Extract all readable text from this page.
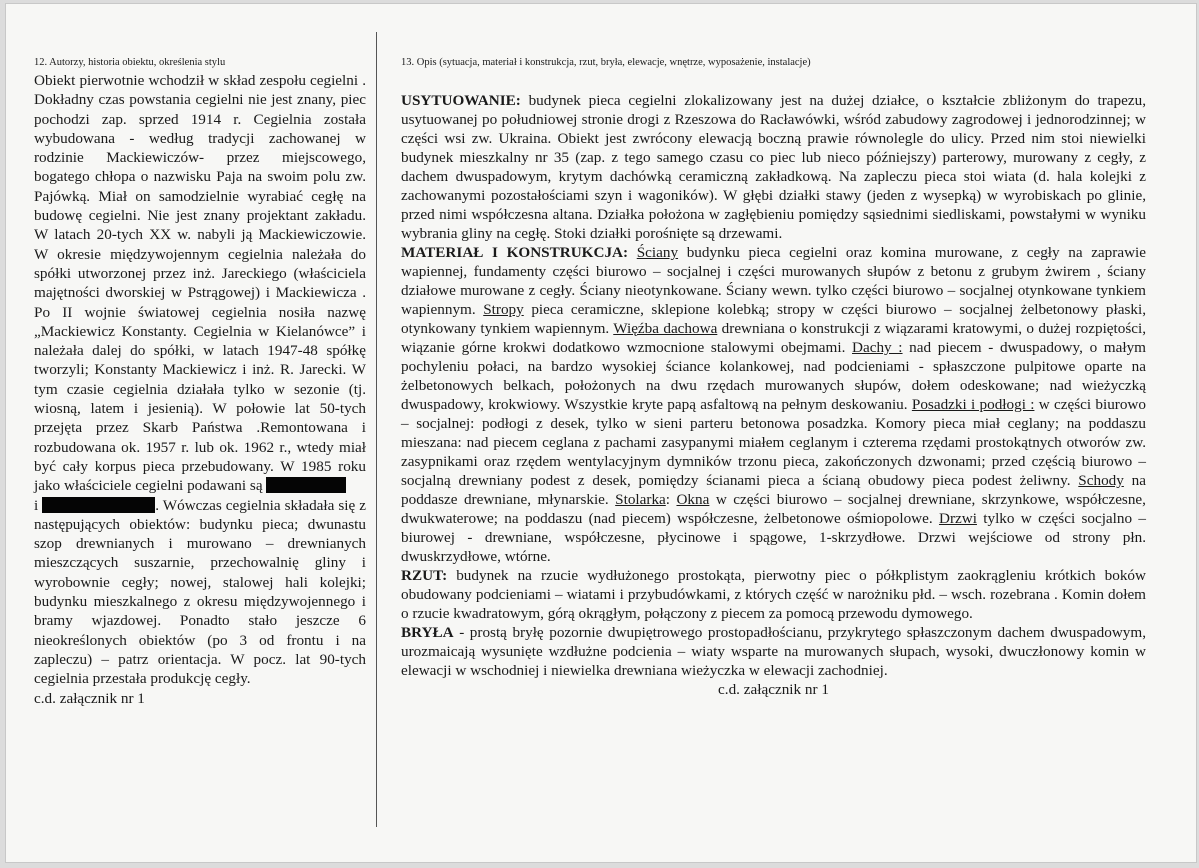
12. Autorzy, historia obiektu, określenia stylu

Obiekt pierwotnie wchodził w skład zespołu cegielni . Dokładny czas powstania cegielni nie jest znany, piec pochodzi zap. sprzed 1914 r. Cegielnia została wybudowana - według tradycji zachowanej w rodzinie Mackiewiczów- przez miejscowego, bogatego chłopa o nazwisku Paja na swoim polu zw. Pajówką. Miał on samodzielnie wyrabiać cegłę na budowę cegielni. Nie jest znany projektant zakładu. W latach 20-tych XX w. nabyli ją Mackiewiczowie. W okresie międzywojennym cegielnia należała do spółki utworzonej przez inż. Jareckiego (właściciela majętności dworskiej w Pstrągowej) i Mackiewicza . Po II wojnie światowej cegielnia nosiła nazwę „Mackiewicz Konstanty. Cegielnia w Kielanówce” i należała dalej do spółki, w latach 1947-48 spółkę tworzyli; Konstanty Mackiewicz i inż. R. Jarecki. W tym czasie cegielnia działała tylko w sezonie (tj. wiosną, latem i jesienią). W połowie lat 50-tych przejęta przez Skarb Państwa .Remontowana i rozbudowana ok. 1957 r. lub ok. 1962 r., wtedy miał być cały korpus pieca przebudowany. W 1985 roku jako właściciele cegielni podawani są
i	. Wówczas cegielnia składała się z następujących obiektów: budynku pieca; dwunastu szop drewnianych i murowano – drewnianych mieszczących suszarnie, przechowalnię gliny i wyrobownie cegły; nowej, stalowej hali kolejki; budynku mieszkalnego z okresu międzywojennego i bramy wjazdowej. Ponadto stało jeszcze 6 nieokreślonych obiektów (po 3 od frontu i na zapleczu) – patrz orientacja. W pocz. lat 90-tych cegielnia przestała produkcję cegły.

c.d. załącznik nr 1

13. Opis (sytuacja, materiał i konstrukcja, rzut, bryła, elewacje, wnętrze, wyposażenie, instalacje)

USYTUOWANIE: budynek pieca cegielni zlokalizowany jest na dużej działce, o kształcie zbliżonym do trapezu, usytuowanej po południowej stronie drogi z Rzeszowa do Racławówki, wśród zabudowy zagrodowej i jednorodzinnej; w części wsi zw. Ukraina. Obiekt jest zwrócony elewacją boczną prawie równolegle do ulicy. Przed nim stoi niewielki budynek mieszkalny nr 35 (zap. z tego samego czasu co piec lub nieco późniejszy) parterowy, murowany z cegły, z dachem dwuspadowym, krytym dachówką ceramiczną zakładkową. Na zapleczu pieca stoi wiata (d. hala kolejki z zachowanymi pozostałościami szyn i wagoników). W głębi działki stawy (jeden z wysepką) w wyrobiskach po glinie, przed nimi współczesna altana. Działka położona w zagłębieniu pomiędzy sąsiednimi siedliskami, powstałymi w wyniku wybrania gliny na cegłę. Stoki działki porośnięte są drzewami.

MATERIAŁ I KONSTRUKCJA: Ściany budynku pieca cegielni oraz komina murowane, z cegły na zaprawie wapiennej, fundamenty części biurowo – socjalnej i części murowanych słupów z betonu z grubym żwirem , ściany działowe murowane z cegły. Ściany nieotynkowane. Ściany wewn. tylko części biurowo – socjalnej otynkowane tynkiem wapiennym. Stropy pieca ceramiczne, sklepione kolebką; stropy w części biurowo – socjalnej żelbetonowy płaski, otynkowany tynkiem wapiennym. Więźba dachowa drewniana o konstrukcji z wiązarami kratowymi, o dużej rozpiętości, wiązanie górne krokwi dodatkowo wzmocnione stalowymi obejmami. Dachy : nad piecem - dwuspadowy, o małym pochyleniu połaci, na bardzo wysokiej ściance kolankowej, nad podcieniami - spłaszczone pulpitowe oparte na żelbetonowych belkach, położonych na dwu rzędach murowanych słupów, dołem odeskowane; nad wieżyczką dwuspadowy, krokwiowy. Wszystkie kryte papą asfaltową na pełnym deskowaniu. Posadzki i podłogi : w części biurowo – socjalnej: podłogi z desek, tylko w sieni parteru betonowa posadzka. Komory pieca miał ceglany; na poddaszu mieszana: nad piecem ceglana z pachami zasypanymi miałem ceglanym i czterema rzędami prostokątnych otworów zw. zasypnikami oraz rzędem wentylacyjnym dymników trzonu pieca, zakończonych dzwonami; przed częścią biurowo – socjalną drewniany podest z desek, pomiędzy ścianami pieca a ścianą obudowy pieca podest żeliwny. Schody na poddasze drewniane, młynarskie. Stolarka: Okna w części biurowo – socjalnej drewniane, skrzynkowe, współczesne, dwukwaterowe; na poddaszu (nad piecem) współczesne, żelbetonowe ośmiopolowe. Drzwi tylko w części socjalno – biurowej - drewniane, współczesne, płycinowe i spągowe, 1-skrzydłowe. Drzwi wejściowe od strony płn. dwuskrzydłowe, wtórne.

RZUT: budynek na rzucie wydłużonego prostokąta, pierwotny piec o półkplistym zaokrągleniu krótkich boków obudowany podcieniami – wiatami i przybudówkami, z których część w narożniku płd. – wsch. rozebrana . Komin dołem o rzucie kwadratowym, górą okrągłym, połączony z piecem za pomocą przewodu dymowego.

BRYŁA - prostą bryłę pozornie dwupiętrowego prostopadłościanu, przykrytego spłaszczonym dachem dwuspadowym, urozmaicają wysunięte wzdłużne podcienia – wiaty wsparte na murowanych słupach, wysoki, dwuczłonowy komin w elewacji w wschodniej i niewielka drewniana wieżyczka w elewacji zachodniej.

c.d. załącznik nr 1
